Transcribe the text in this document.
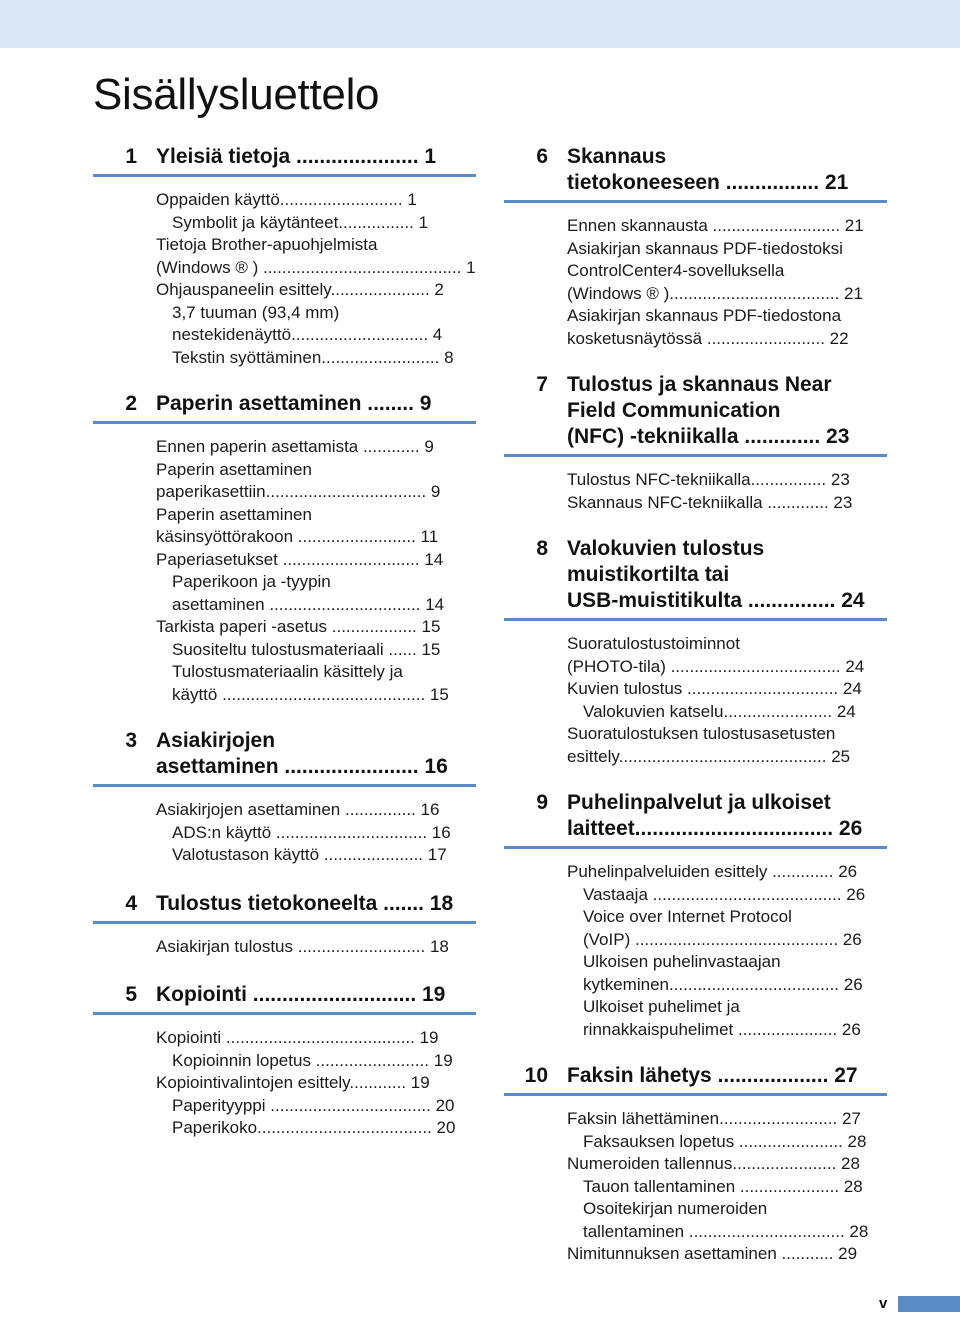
Sisällysluettelo
1 Yleisiä tietoja ..................... 1
Oppaiden käyttö.......................... 1
Symbolit ja käytänteet................ 1
Tietoja Brother-apuohjelmista
(Windows ® ) .......................................... 1
Ohjauspaneelin esittely..................... 2
3,7 tuuman (93,4 mm)
nestekidenäyttö............................. 4
Tekstin syöttäminen......................... 8
2 Paperin asettaminen ........ 9
Ennen paperin asettamista ............ 9
Paperin asettaminen
paperikasettiin.................................. 9
Paperin asettaminen
käsinsyöttörakoon ......................... 11
Paperiasetukset ............................. 14
Paperikoon ja -tyypin
asettaminen ................................ 14
Tarkista paperi -asetus .................. 15
Suositeltu tulostusmateriaali ...... 15
Tulostusmateriaalin käsittely ja
käyttö ........................................... 15
3 Asiakirjojen
asettaminen ....................... 16
Asiakirjojen asettaminen ............... 16
ADS:n käyttö ................................ 16
Valotustason käyttö ..................... 17
4 Tulostus tietokoneelta ....... 18
Asiakirjan tulostus ........................... 18
5 Kopiointi ............................ 19
Kopiointi ........................................ 19
Kopioinnin lopetus ........................ 19
Kopiointivalintojen esittely............ 19
Paperityyppi .................................. 20
Paperikoko..................................... 20
6 Skannaus
tietokoneeseen ................ 21
Ennen skannausta ........................... 21
Asiakirjan skannaus PDF-tiedostoksi
ControlCenter4-sovelluksella
(Windows ® ).................................... 21
Asiakirjan skannaus PDF-tiedostona
kosketusnäytössä ......................... 22
7 Tulostus ja skannaus Near
Field Communication
(NFC) -tekniikalla ............. 23
Tulostus NFC-tekniikalla................ 23
Skannaus NFC-tekniikalla ............. 23
8 Valokuvien tulostus
muistikortilta tai
USB-muistitikulta ............... 24
Suoratulostustoiminnot
(PHOTO-tila) .................................... 24
Kuvien tulostus ................................ 24
Valokuvien katselu....................... 24
Suoratulostuksen tulostusasetusten
esittely............................................ 25
9 Puhelinpalvelut ja ulkoiset
laitteet.................................. 26
Puhelinpalveluiden esittely ............. 26
Vastaaja ........................................ 26
Voice over Internet Protocol
(VoIP) ........................................... 26
Ulkoisen puhelinvastaajan
kytkeminen.................................... 26
Ulkoiset puhelimet ja
rinnakkaispuhelimet ..................... 26
10 Faksin lähetys ................... 27
Faksin lähettäminen......................... 27
Faksauksen lopetus ...................... 28
Numeroiden tallennus...................... 28
Tauon tallentaminen ..................... 28
Osoitekirjan numeroiden
tallentaminen ................................. 28
Nimitunnuksen asettaminen ........... 29
v
